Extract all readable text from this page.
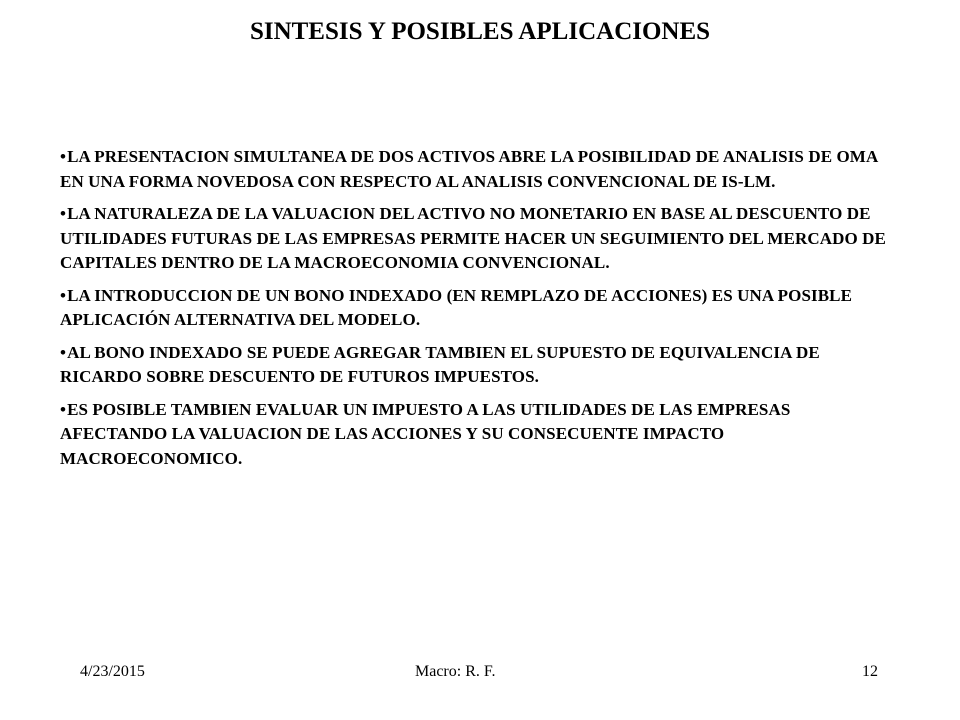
SINTESIS Y POSIBLES APLICACIONES
•LA PRESENTACION SIMULTANEA DE DOS ACTIVOS ABRE LA POSIBILIDAD DE ANALISIS DE OMA EN UNA FORMA NOVEDOSA CON RESPECTO AL ANALISIS CONVENCIONAL DE IS-LM.
•LA NATURALEZA DE LA VALUACION DEL ACTIVO NO MONETARIO EN BASE AL DESCUENTO DE UTILIDADES FUTURAS DE LAS EMPRESAS PERMITE HACER UN SEGUIMIENTO DEL MERCADO DE CAPITALES DENTRO DE LA MACROECONOMIA CONVENCIONAL.
•LA INTRODUCCION DE UN BONO INDEXADO (EN REMPLAZO DE ACCIONES) ES UNA POSIBLE APLICACIÓN ALTERNATIVA DEL MODELO.
•AL BONO INDEXADO SE PUEDE AGREGAR TAMBIEN EL SUPUESTO DE EQUIVALENCIA DE RICARDO SOBRE DESCUENTO DE FUTUROS IMPUESTOS.
•ES POSIBLE TAMBIEN EVALUAR UN IMPUESTO A LAS UTILIDADES DE LAS EMPRESAS AFECTANDO LA VALUACION DE LAS ACCIONES Y SU CONSECUENTE IMPACTO MACROECONOMICO.
4/23/2015	Macro: R. F.	12
